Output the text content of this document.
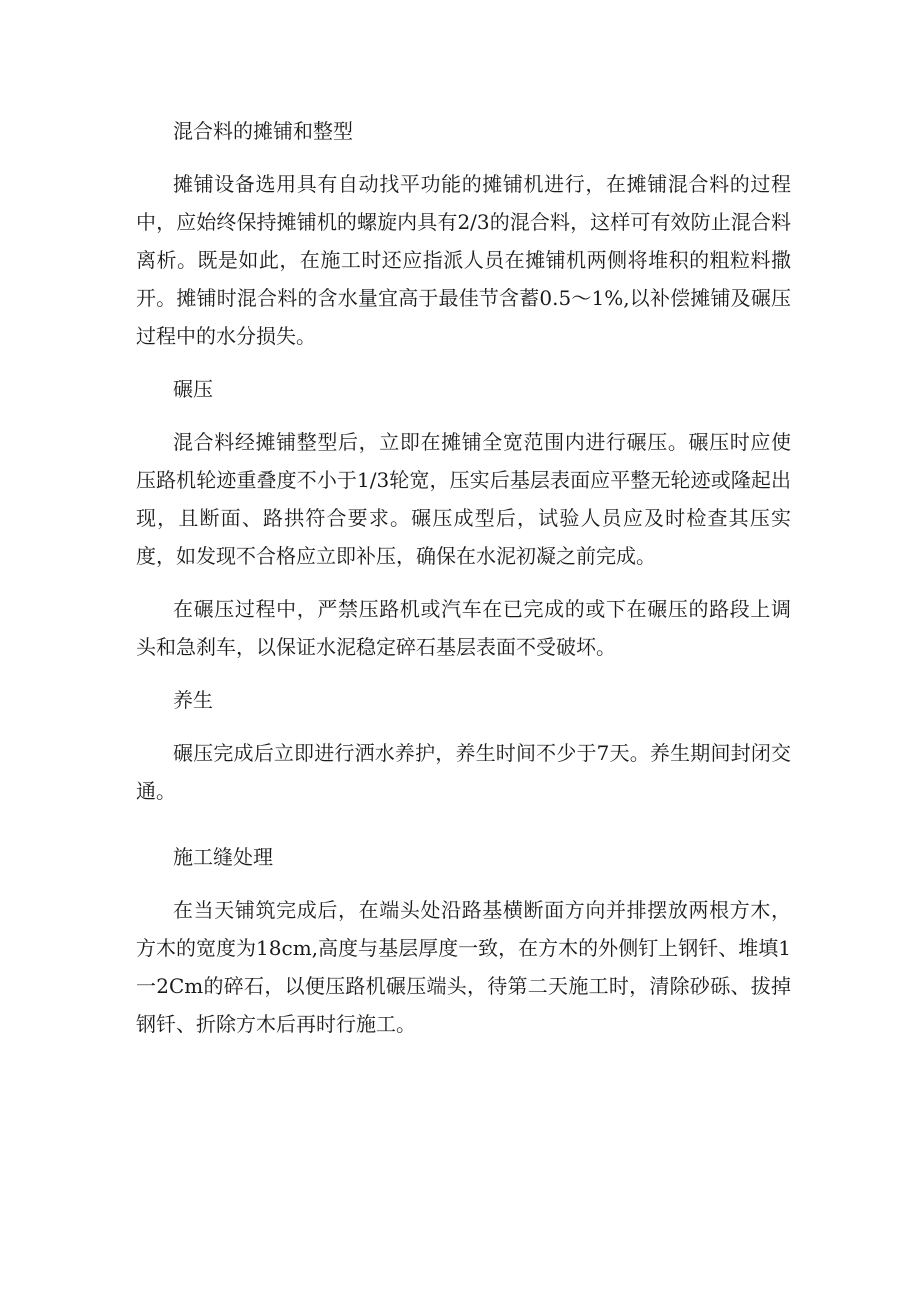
混合料的摊铺和整型

摊铺设备选用具有自动找平功能的摊铺机进行，在摊铺混合料的过程中，应始终保持摊铺机的螺旋内具有2/3的混合料，这样可有效防止混合料离析。既是如此，在施工时还应指派人员在摊铺机两侧将堆积的粗粒料撒开。摊铺时混合料的含水量宜高于最佳节含蓄0.5～1%,以补偿摊铺及碾压过程中的水分损失。

碾压

混合料经摊铺整型后，立即在摊铺全宽范围内进行碾压。碾压时应使压路机轮迹重叠度不小于1/3轮宽，压实后基层表面应平整无轮迹或隆起出现，且断面、路拱符合要求。碾压成型后，试验人员应及时检查其压实度，如发现不合格应立即补压，确保在水泥初凝之前完成。

在碾压过程中，严禁压路机或汽车在已完成的或下在碾压的路段上调头和急刹车，以保证水泥稳定碎石基层表面不受破坏。

养生

碾压完成后立即进行洒水养护，养生时间不少于7天。养生期间封闭交通。

施工缝处理

在当天铺筑完成后，在端头处沿路基横断面方向并排摆放两根方木，方木的宽度为18cm,高度与基层厚度一致，在方木的外侧钉上钢钎、堆填1一2Cm的碎石，以便压路机碾压端头，待第二天施工时，清除砂砾、拔掉钢钎、折除方木后再时行施工。
